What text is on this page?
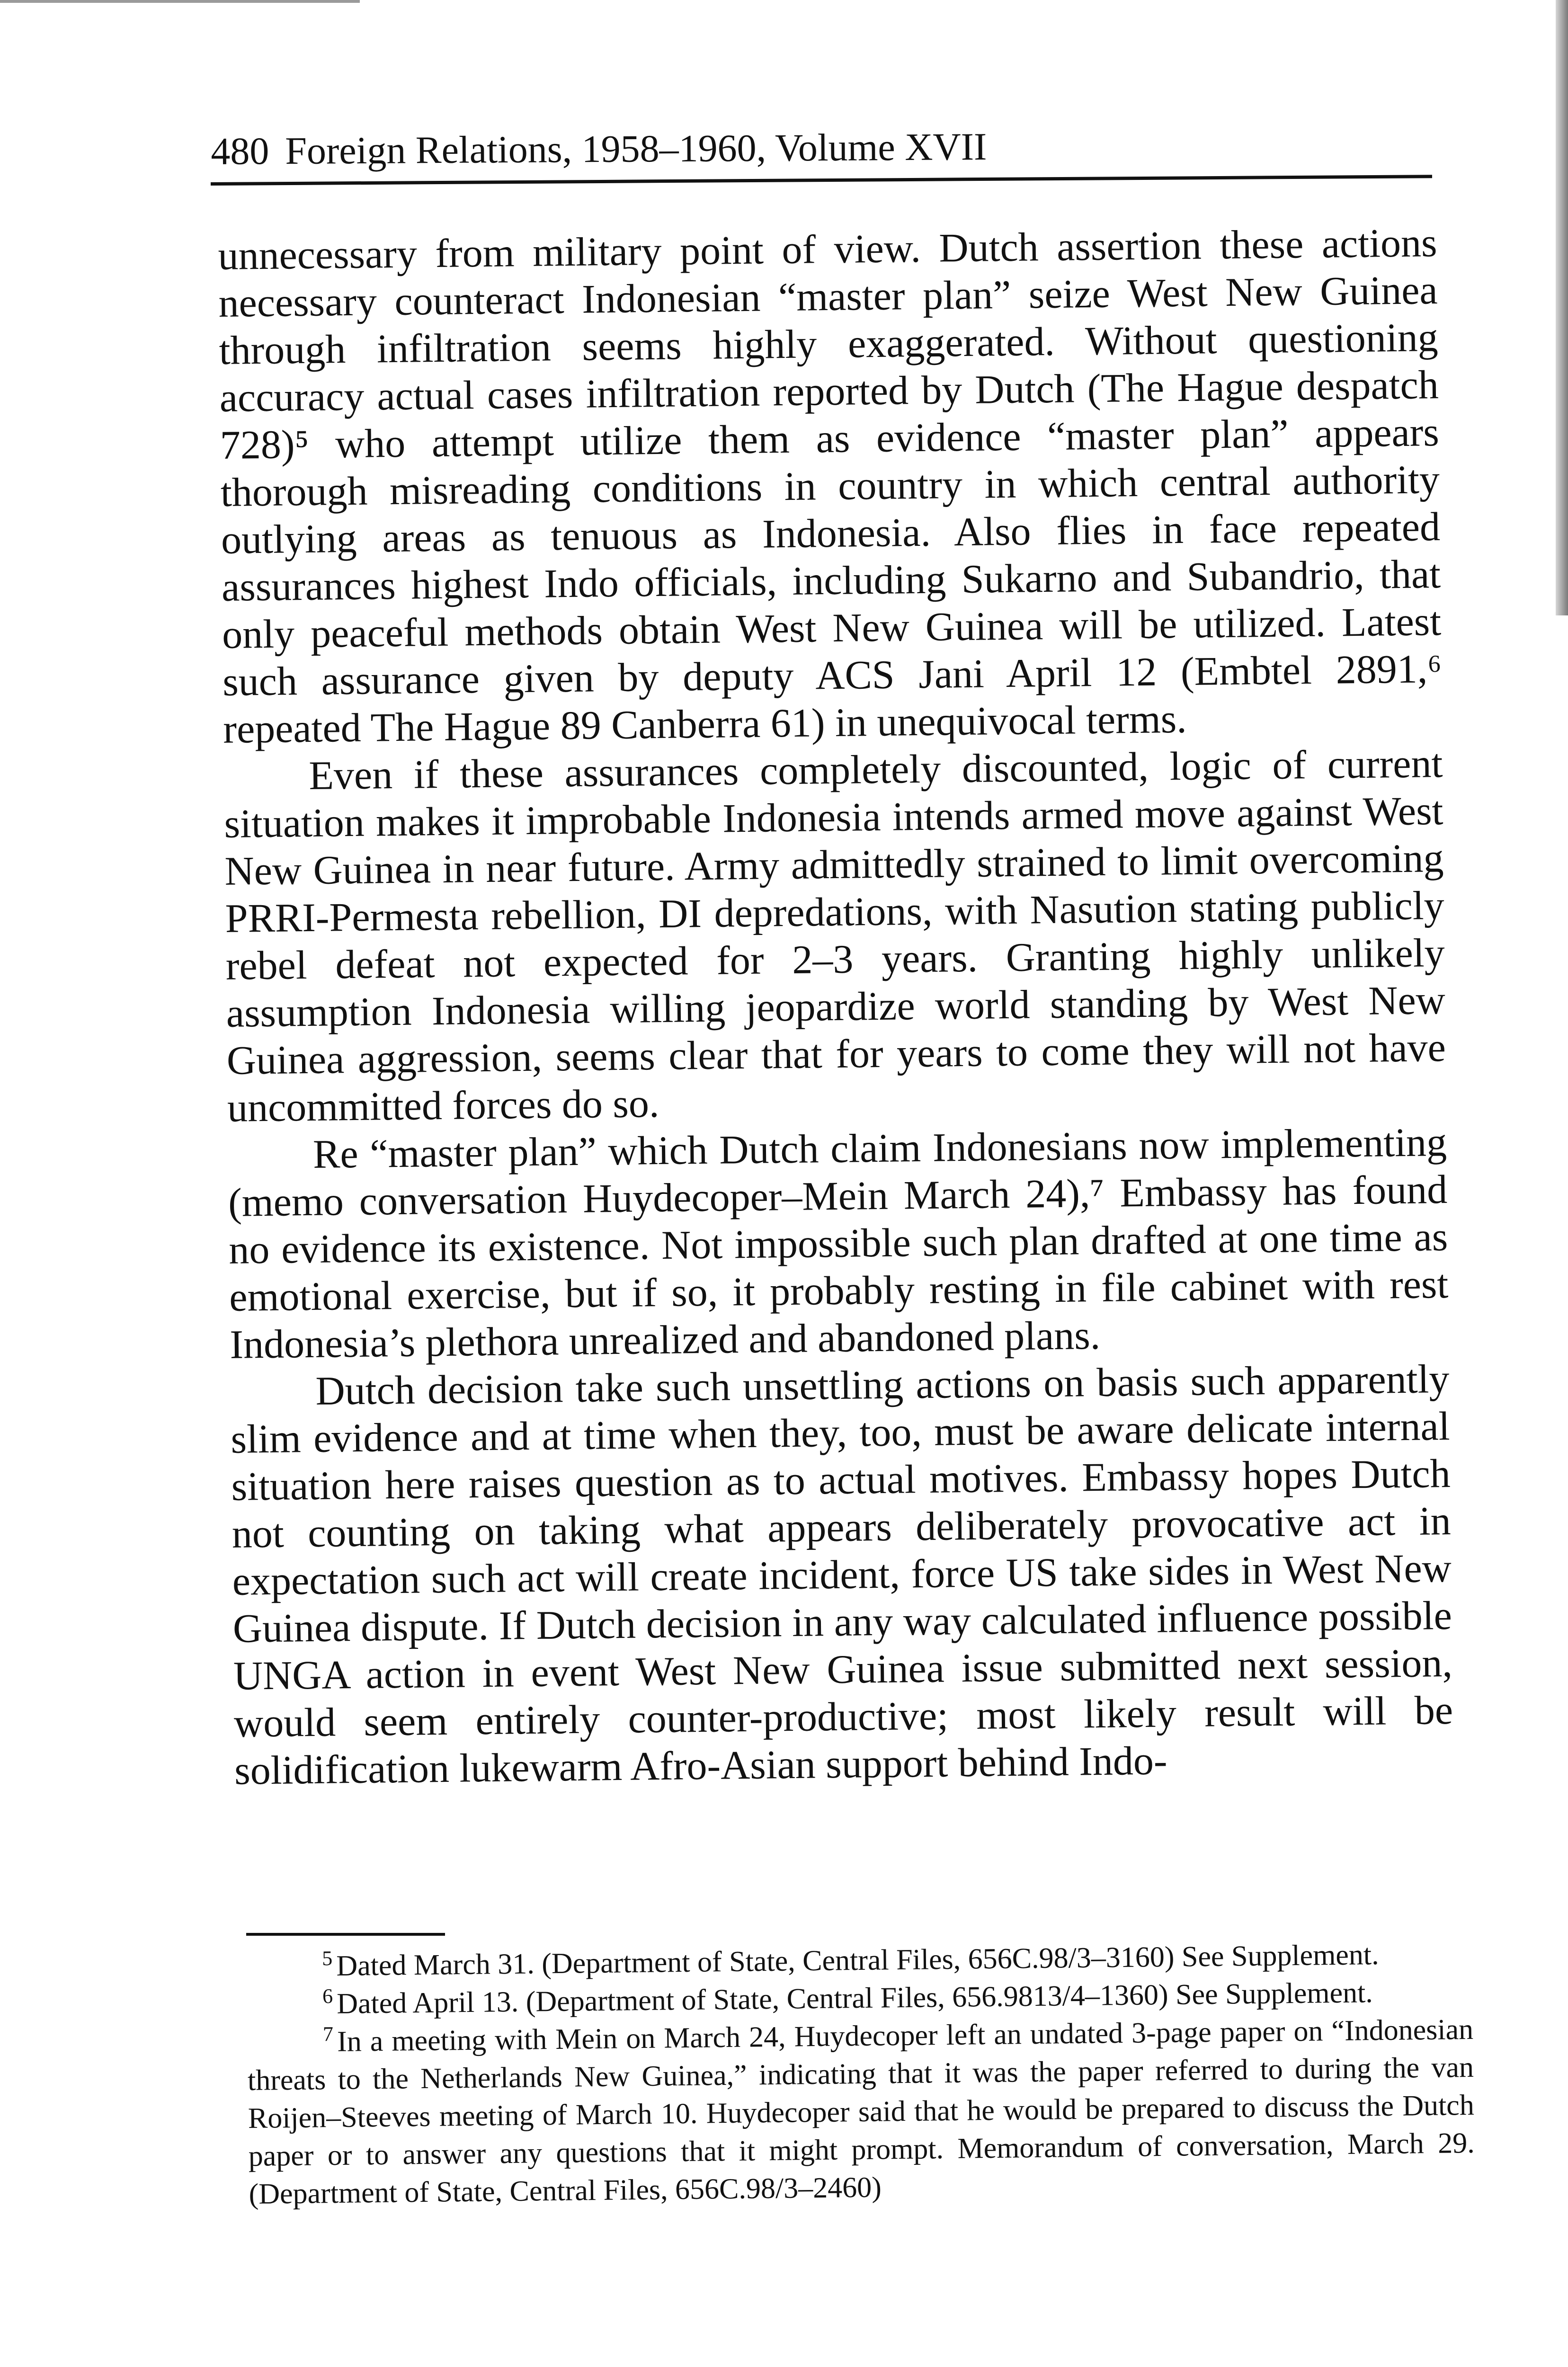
480 Foreign Relations, 1958–1960, Volume XVII

unnecessary from military point of view. Dutch assertion these actions necessary counteract Indonesian “master plan” seize West New Guinea through infiltration seems highly exaggerated. Without questioning accuracy actual cases infiltration reported by Dutch (The Hague despatch 728)⁵ who attempt utilize them as evidence “master plan” appears thorough misreading conditions in country in which central authority outlying areas as tenuous as Indonesia. Also flies in face repeated assurances highest Indo officials, including Sukarno and Subandrio, that only peaceful methods obtain West New Guinea will be utilized. Latest such assurance given by deputy ACS Jani April 12 (Embtel 2891,⁶ repeated The Hague 89 Canberra 61) in unequivocal terms.

Even if these assurances completely discounted, logic of current situation makes it improbable Indonesia intends armed move against West New Guinea in near future. Army admittedly strained to limit overcoming PRRI-Permesta rebellion, DI depredations, with Nasution stating publicly rebel defeat not expected for 2–3 years. Granting highly unlikely assumption Indonesia willing jeopardize world standing by West New Guinea aggression, seems clear that for years to come they will not have uncommitted forces do so.

Re “master plan” which Dutch claim Indonesians now implementing (memo conversation Huydecoper–Mein March 24),⁷ Embassy has found no evidence its existence. Not impossible such plan drafted at one time as emotional exercise, but if so, it probably resting in file cabinet with rest Indonesia’s plethora unrealized and abandoned plans.

Dutch decision take such unsettling actions on basis such apparently slim evidence and at time when they, too, must be aware delicate internal situation here raises question as to actual motives. Embassy hopes Dutch not counting on taking what appears deliberately provocative act in expectation such act will create incident, force US take sides in West New Guinea dispute. If Dutch decision in any way calculated influence possible UNGA action in event West New Guinea issue submitted next session, would seem entirely counter-productive; most likely result will be solidification lukewarm Afro-Asian support behind Indo-

$^5$ Dated March 31. (Department of State, Central Files, 656C.98/3–3160) See Supplement.

$^6$ Dated April 13. (Department of State, Central Files, 656.9813/4–1360) See Supplement.

$^7$ In a meeting with Mein on March 24, Huydecoper left an undated 3-page paper on “Indonesian threats to the Netherlands New Guinea,” indicating that it was the paper referred to during the van Roijen–Steeves meeting of March 10. Huydecoper said that he would be prepared to discuss the Dutch paper or to answer any questions that it might prompt. Memorandum of conversation, March 29. (Department of State, Central Files, 656C.98/3–2460)
